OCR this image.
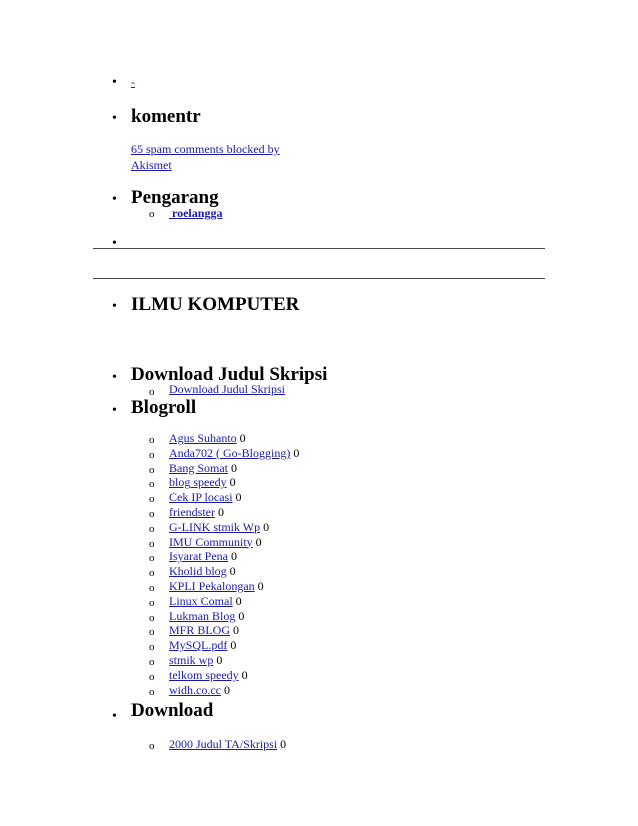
• -
• komentr
65 spam comments blocked by Akismet
• Pengarang
o roelangga
•
• ILMU KOMPUTER
• Download Judul Skripsi
o Download Judul Skripsi
• Blogroll
o Agus Suhanto 0
o Anda702 ( Go-Blogging) 0
o Bang Somat 0
o blog speedy 0
o Cek IP locasi 0
o friendster 0
o G-LINK stmik Wp 0
o IMU Community 0
o Isyarat Pena 0
o Kholid blog 0
o KPLI Pekalongan 0
o Linux Comal 0
o Lukman Blog 0
o MFR BLOG 0
o MySQL.pdf 0
o stmik wp 0
o telkom speedy 0
o widh.co.cc 0
• Download
o 2000 Judul TA/Skripsi 0
